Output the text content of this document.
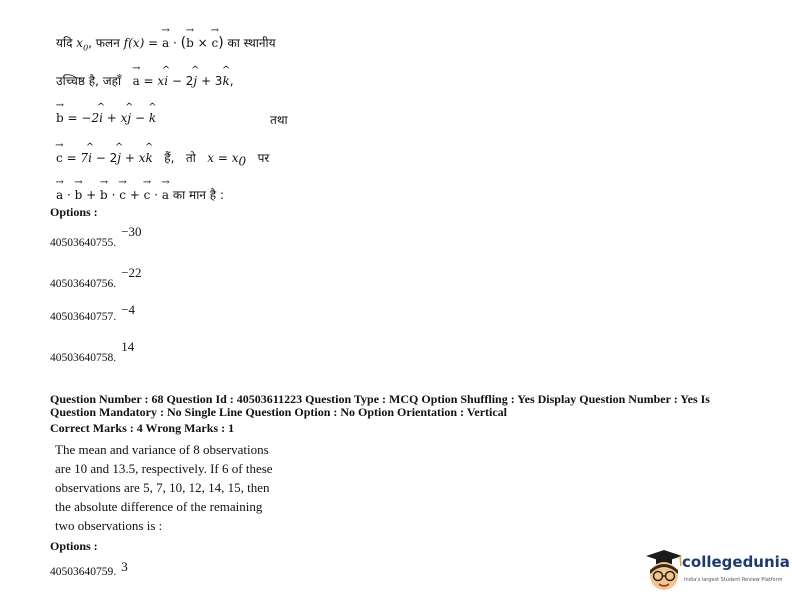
यदि $x_0$, फलन f(x) = → a · (→ b × → c) का स्थानीय
उच्चिष्ठ है, जहाँ → a = x^ i − 2^ j + 3^ k,
→ b = −2^ i + x^ j − ^ k	तथा
→ c = 7^ i − 2^ j + x^ k हैं, तो $x = x_0$ पर
→ a · → b + → b · → c + → c · → a का मान है :
Options :
$_{40503640755.}$ −30
$_{40503640756.}$ −22
$_{40503640757.}$ −4
$_{40503640758.}$ 14
Question Number : 68 Question Id : 40503611223 Question Type : MCQ Option Shuffling : Yes Display Question Number : Yes Is
Question Mandatory : No Single Line Question Option : No Option Orientation : Vertical
Correct Marks : 4 Wrong Marks : 1
The mean and variance of 8 observations
are 10 and 13.5, respectively. If 6 of these
observations are 5, 7, 10, 12, 14, 15, then
the absolute difference of the remaining
two observations is :
Options :
$_{40503640759.}$ 3	collegedunia
India's largest Student Review Platform
